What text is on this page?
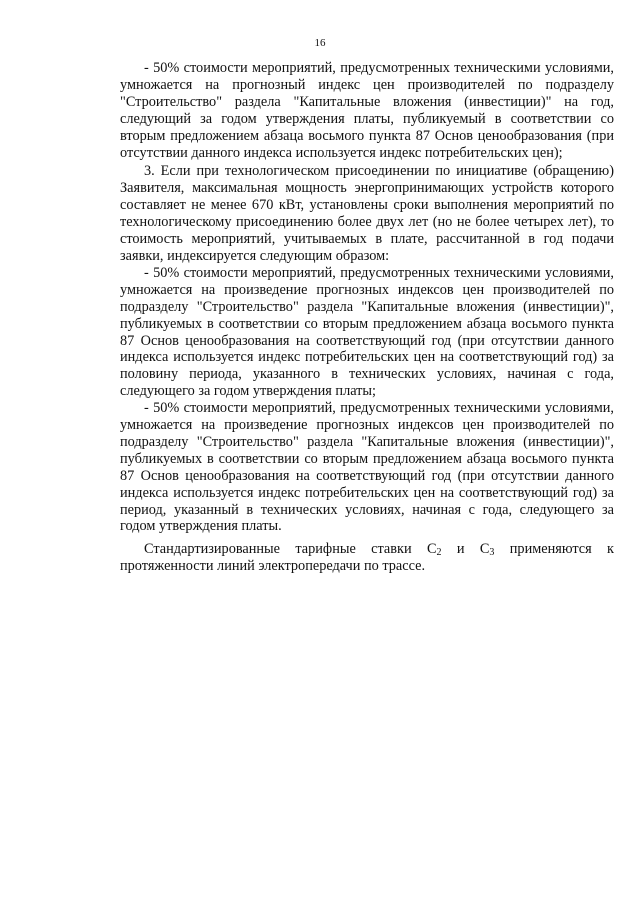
16

- 50% стоимости мероприятий, предусмотренных техническими условиями, умножается на прогнозный индекс цен производителей по подразделу "Строительство" раздела "Капитальные вложения (инвестиции)" на год, следующий за годом утверждения платы, публикуемый в соответствии со вторым предложением абзаца восьмого пункта 87 Основ ценообразования (при отсутствии данного индекса используется индекс потребительских цен);

3. Если при технологическом присоединении по инициативе (обращению) Заявителя, максимальная мощность энергопринимающих устройств которого составляет не менее 670 кВт, установлены сроки выполнения мероприятий по технологическому присоединению более двух лет (но не более четырех лет), то стоимость мероприятий, учитываемых в плате, рассчитанной в год подачи заявки, индексируется следующим образом:

- 50% стоимости мероприятий, предусмотренных техническими условиями, умножается на произведение прогнозных индексов цен производителей по подразделу "Строительство" раздела "Капитальные вложения (инвестиции)", публикуемых в соответствии со вторым предложением абзаца восьмого пункта 87 Основ ценообразования на соответствующий год (при отсутствии данного индекса используется индекс потребительских цен на соответствующий год) за половину периода, указанного в технических условиях, начиная с года, следующего за годом утверждения платы;

- 50% стоимости мероприятий, предусмотренных техническими условиями, умножается на произведение прогнозных индексов цен производителей по подразделу "Строительство" раздела "Капитальные вложения (инвестиции)", публикуемых в соответствии со вторым предложением абзаца восьмого пункта 87 Основ ценообразования на соответствующий год (при отсутствии данного индекса используется индекс потребительских цен на соответствующий год) за период, указанный в технических условиях, начиная с года, следующего за годом утверждения платы.

Стандартизированные тарифные ставки $С_2$ и $С_3$ применяются к протяженности линий электропередачи по трассе.
